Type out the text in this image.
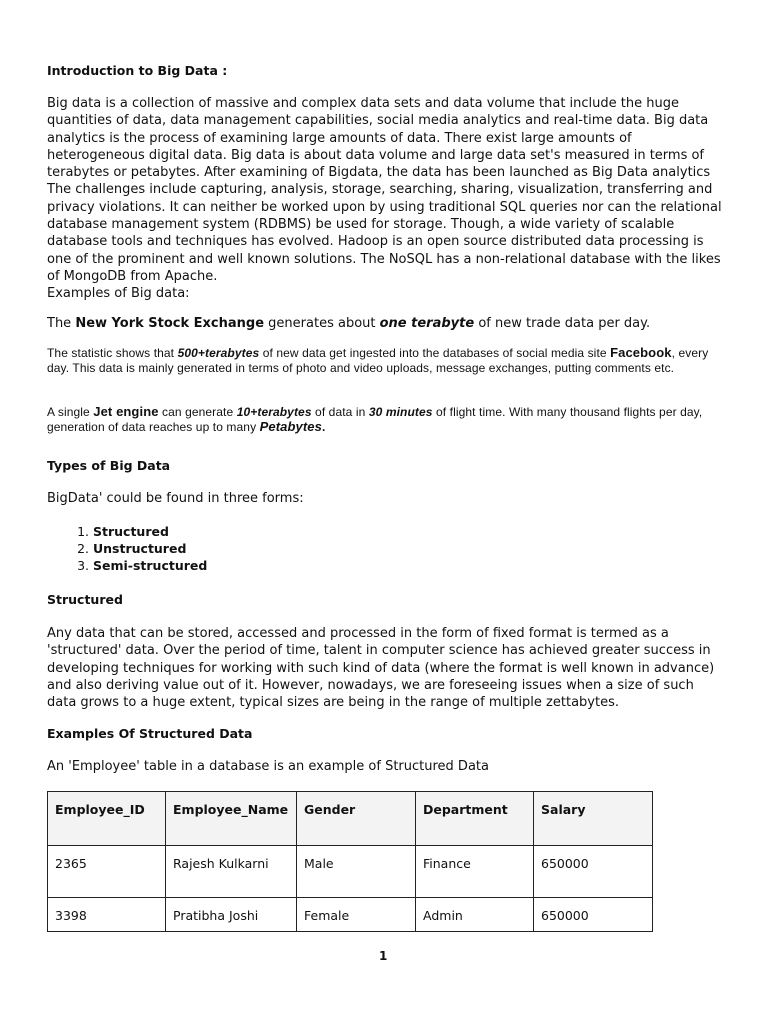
Introduction to Big Data :

Big data is a collection of massive and complex data sets and data volume that include the huge quantities of data, data management capabilities, social media analytics and real-time data. Big data analytics is the process of examining large amounts of data. There exist large amounts of heterogeneous digital data. Big data is about data volume and large data set's measured in terms of terabytes or petabytes. After examining of Bigdata, the data has been launched as Big Data analytics The challenges include capturing, analysis, storage, searching, sharing, visualization, transferring and privacy violations. It can neither be worked upon by using traditional SQL queries nor can the relational database management system (RDBMS) be used for storage. Though, a wide variety of scalable database tools and techniques has evolved. Hadoop is an open source distributed data processing is one of the prominent and well known solutions. The NoSQL has a non-relational database with the likes of MongoDB from Apache.

Examples of Big data:

The New York Stock Exchange generates about one terabyte of new trade data per day.

The statistic shows that 500+terabytes of new data get ingested into the databases of social media site Facebook, every day. This data is mainly generated in terms of photo and video uploads, message exchanges, putting comments etc.

A single Jet engine can generate 10+terabytes of data in 30 minutes of flight time. With many thousand flights per day, generation of data reaches up to many Petabytes.

Types of Big Data

BigData' could be found in three forms:

1. Structured
2. Unstructured
3. Semi-structured

Structured

Any data that can be stored, accessed and processed in the form of fixed format is termed as a 'structured' data. Over the period of time, talent in computer science has achieved greater success in developing techniques for working with such kind of data (where the format is well known in advance) and also deriving value out of it. However, nowadays, we are foreseeing issues when a size of such data grows to a huge extent, typical sizes are being in the range of multiple zettabytes.

Examples Of Structured Data

An 'Employee' table in a database is an example of Structured Data

Employee_ID	Employee_Name	Gender	Department	Salary
2365	Rajesh Kulkarni	Male	Finance	650000
3398	Pratibha Joshi	Female	Admin	650000
1
